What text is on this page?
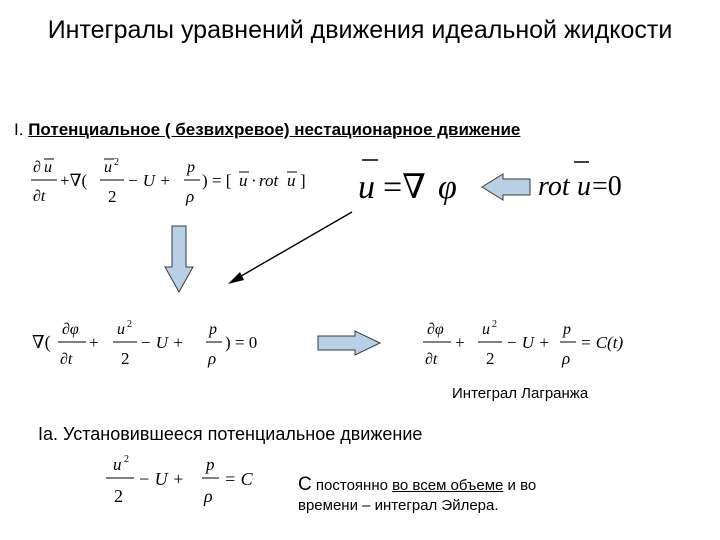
Интегралы уравнений движения идеальной жидкости
I. Потенциальное ( безвихревое) нестационарное движение
∂ u
∂t
+∇(
u 2
2
− U +
p
ρ
) = [ u · rot u ] u =∇ φ	rot u =0
∇(
∂φ
∂t
+
u 2
2
− U +
p
ρ
) = 0
∂φ
∂t
+
u 2
2
− U +
p
ρ
= C(t)
u 2
2
− U +
p
ρ
= C
Интеграл Лагранжа
Iа. Установившееся потенциальное движение
С постоянно во всем объеме и во
времени – интеграл Эйлера.
